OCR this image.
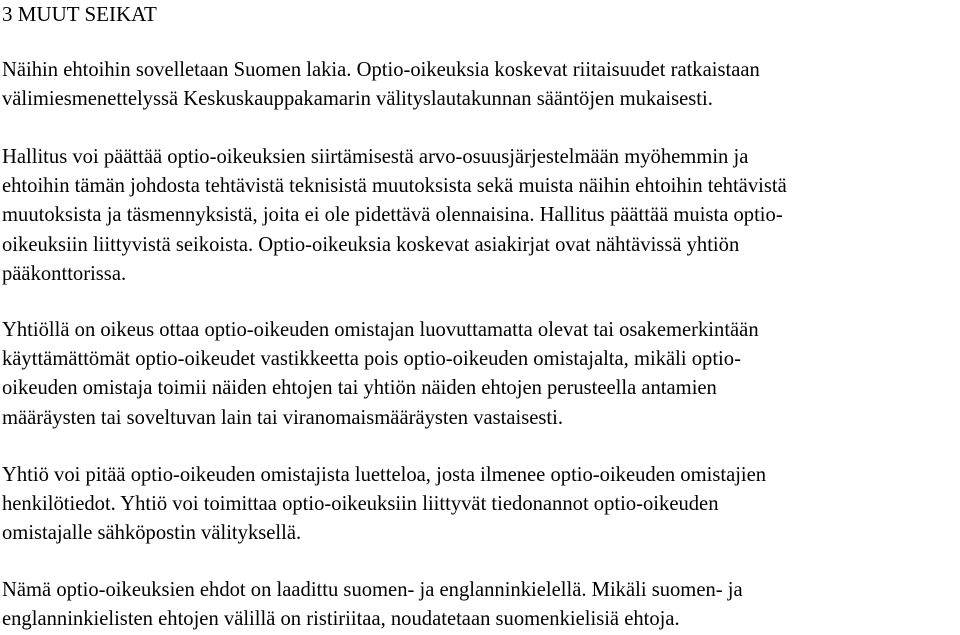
3 MUUT SEIKAT
Näihin ehtoihin sovelletaan Suomen lakia. Optio-oikeuksia koskevat riitaisuudet ratkaistaan
välimiesmenettelyssä Keskuskauppakamarin välityslautakunnan sääntöjen mukaisesti.
Hallitus voi päättää optio-oikeuksien siirtämisestä arvo-osuusjärjestelmään myöhemmin ja
ehtoihin tämän johdosta tehtävistä teknisistä muutoksista sekä muista näihin ehtoihin tehtävistä
muutoksista ja täsmennyksistä, joita ei ole pidettävä olennaisina. Hallitus päättää muista optio-
oikeuksiin liittyvistä seikoista. Optio-oikeuksia koskevat asiakirjat ovat nähtävissä yhtiön
pääkonttorissa.
Yhtiöllä on oikeus ottaa optio-oikeuden omistajan luovuttamatta olevat tai osakemerkintään
käyttämättömät optio-oikeudet vastikkeetta pois optio-oikeuden omistajalta, mikäli optio-
oikeuden omistaja toimii näiden ehtojen tai yhtiön näiden ehtojen perusteella antamien
määräysten tai soveltuvan lain tai viranomaismääräysten vastaisesti.
Yhtiö voi pitää optio-oikeuden omistajista luetteloa, josta ilmenee optio-oikeuden omistajien
henkilötiedot. Yhtiö voi toimittaa optio-oikeuksiin liittyvät tiedonannot optio-oikeuden
omistajalle sähköpostin välityksellä.
Nämä optio-oikeuksien ehdot on laadittu suomen- ja englanninkielellä. Mikäli suomen- ja
englanninkielisten ehtojen välillä on ristiriitaa, noudatetaan suomenkielisiä ehtoja.
